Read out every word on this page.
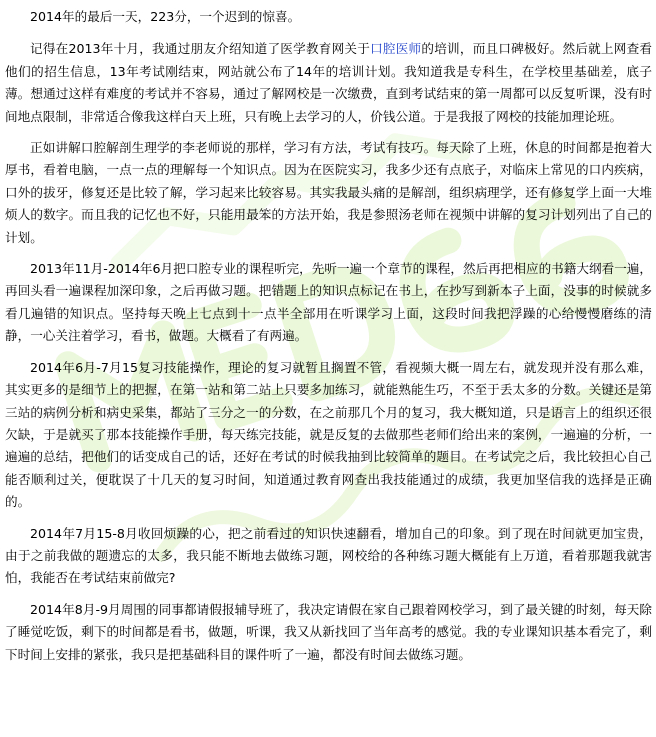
2014年的最后一天，223分，一个迟到的惊喜。

记得在2013年十月，我通过朋友介绍知道了医学教育网关于口腔医师的培训，而且口碑极好。然后就上网查看他们的招生信息，13年考试刚结束，网站就公布了14年的培训计划。我知道我是专科生，在学校里基础差，底子薄。想通过这样有难度的考试并不容易，通过了解网校是一次缴费，直到考试结束的第一周都可以反复听课，没有时间地点限制，非常适合像我这样白天上班，只有晚上去学习的人，价钱公道。于是我报了网校的技能加理论班。

正如讲解口腔解剖生理学的李老师说的那样，学习有方法，考试有技巧。每天除了上班，休息的时间都是抱着大厚书，看着电脑，一点一点的理解每一个知识点。因为在医院实习，我多少还有点底子，对临床上常见的口内疾病，口外的拔牙，修复还是比较了解，学习起来比较容易。其实我最头痛的是解剖，组织病理学，还有修复学上面一大堆烦人的数字。而且我的记忆也不好，只能用最笨的方法开始，我是参照汤老师在视频中讲解的复习计划列出了自己的计划。

2013年11月-2014年6月把口腔专业的课程听完，先听一遍一个章节的课程，然后再把相应的书籍大纲看一遍，再回头看一遍课程加深印象，之后再做习题。把错题上的知识点标记在书上，在抄写到新本子上面，没事的时候就多看几遍错的知识点。坚持每天晚上七点到十一点半全部用在听课学习上面，这段时间我把浮躁的心给慢慢磨练的清静，一心关注着学习，看书，做题。大概看了有两遍。

2014年6月-7月15复习技能操作，理论的复习就暂且搁置不管，看视频大概一周左右，就发现并没有那么难，其实更多的是细节上的把握，在第一站和第二站上只要多加练习，就能熟能生巧，不至于丢太多的分数。关键还是第三站的病例分析和病史采集，都站了三分之一的分数，在之前那几个月的复习，我大概知道，只是语言上的组织还很欠缺，于是就买了那本技能操作手册，每天练完技能，就是反复的去做那些老师们给出来的案例，一遍遍的分析，一遍遍的总结，把他们的话变成自己的话，还好在考试的时候我抽到比较简单的题目。在考试完之后，我比较担心自己能否顺利过关，便耽误了十几天的复习时间，知道通过教育网查出我技能通过的成绩，我更加坚信我的选择是正确的。

2014年7月15-8月收回烦躁的心，把之前看过的知识快速翻看，增加自己的印象。到了现在时间就更加宝贵，由于之前我做的题遗忘的太多，我只能不断地去做练习题，网校给的各种练习题大概能有上万道，看着那题我就害怕，我能否在考试结束前做完?

2014年8月-9月周围的同事都请假报辅导班了，我决定请假在家自己跟着网校学习，到了最关键的时刻，每天除了睡觉吃饭，剩下的时间都是看书，做题，听课，我又从新找回了当年高考的感觉。我的专业课知识基本看完了，剩下时间上安排的紧张，我只是把基础科目的课件听了一遍，都没有时间去做练习题。
